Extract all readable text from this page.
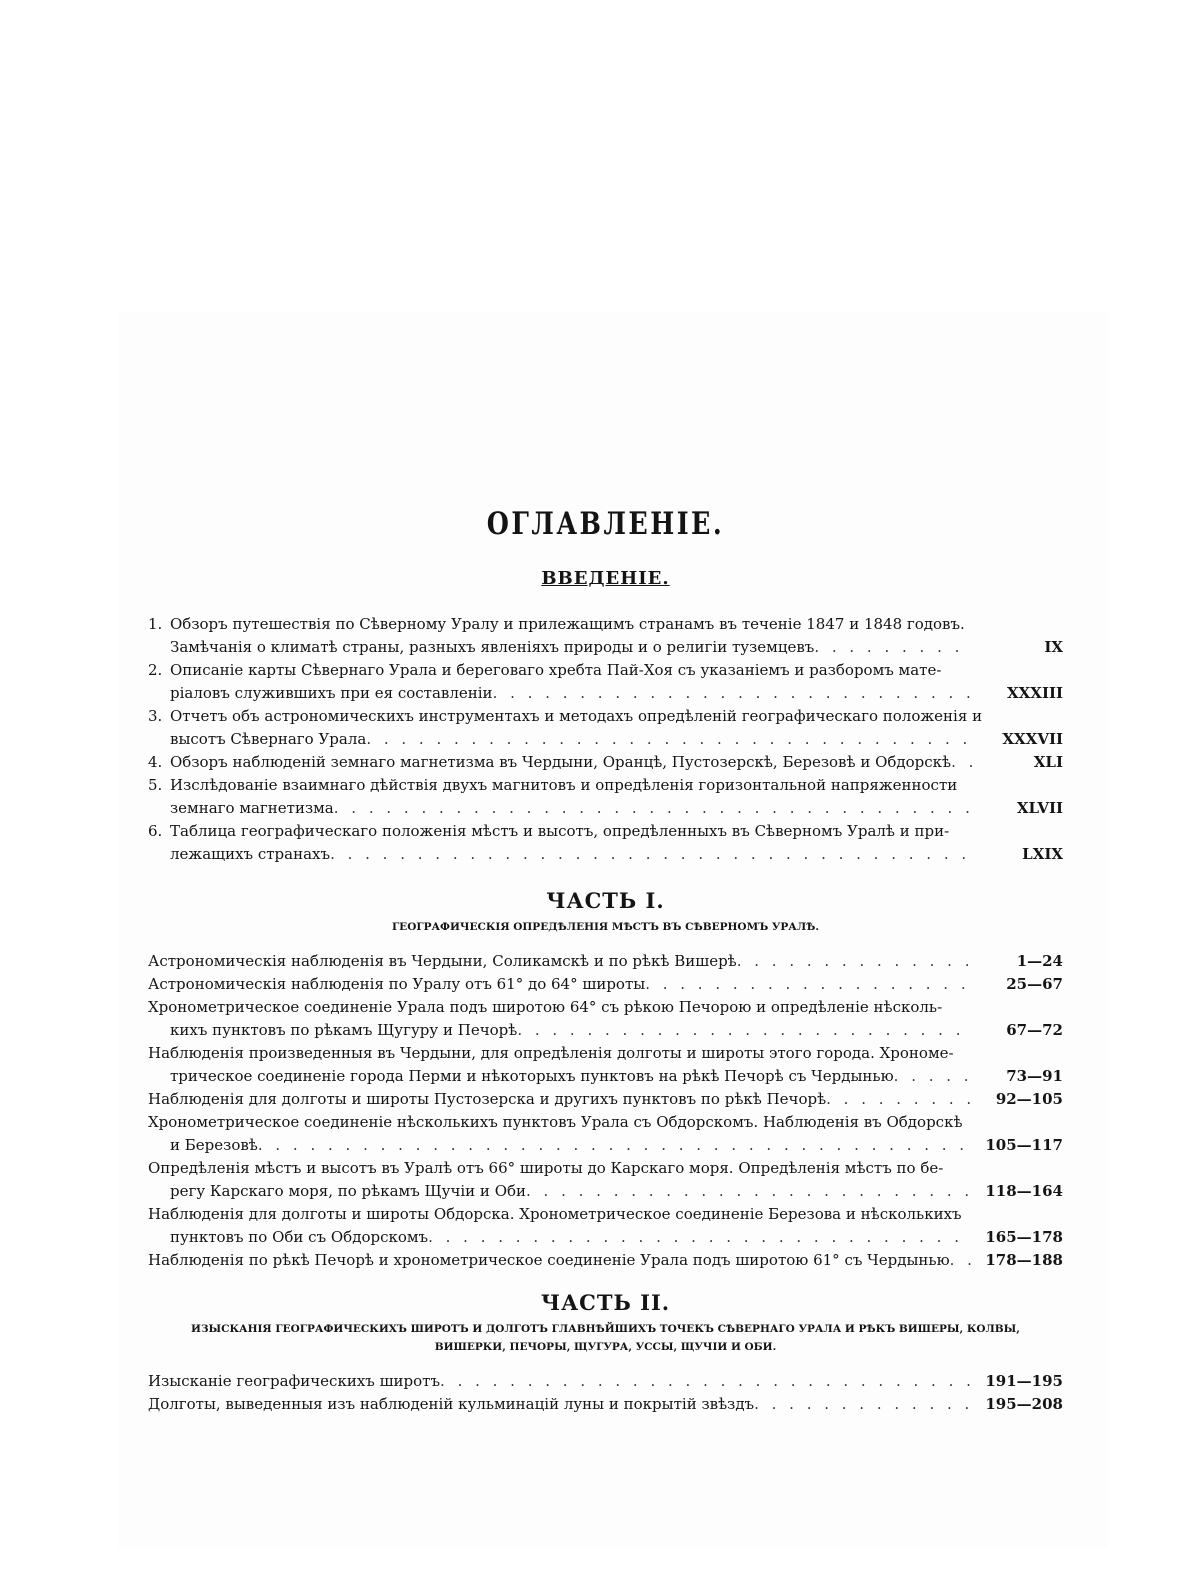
ОГЛАВЛЕНІЕ.
ВВЕДЕНІЕ.
1. Обзоръ путешествія по Сѣверному Уралу и прилежащимъ странамъ въ теченіе 1847 и 1848 годовъ.
Замѣчанія о климатѣ страны, разныхъ явленіяхъ природы и о религіи туземцевъ . . .	IX
2. Описаніе карты Сѣвернаго Урала и береговаго хребта Пай-Хоя съ указаніемъ и разборомъ мате-
ріаловъ служившихъ при ея составленіи . . .	XXXIII
3. Отчетъ объ астрономическихъ инструментахъ и методахъ опредѣленій географическаго положенія и
высотъ Сѣвернаго Урала . . .	XXXVII
4. Обзоръ наблюденій земнаго магнетизма въ Чердыни, Оранцѣ, Пустозерскѣ, Березовѣ и Обдорскѣ . . .	XLI
5. Изслѣдованіе взаимнаго дѣйствія двухъ магнитовъ и опредѣленія горизонтальной напряженности
земнаго магнетизма . . .	XLVII
6. Таблица географическаго положенія мѣстъ и высотъ, опредѣленныхъ въ Сѣверномъ Уралѣ и при-
лежащихъ странахъ . . .	LXIX
ЧАСТЬ I.
ГЕОГРАФИЧЕСКІЯ ОПРЕДѢЛЕНІЯ МѢСТЪ ВЪ СѢВЕРНОМЪ УРАЛѢ.
Астрономическія наблюденія въ Чердыни, Соликамскѣ и по рѣкѣ Вишерѣ . . .	1—24
Астрономическія наблюденія по Уралу отъ 61° до 64° широты . . .	25—67
Хронометрическое соединеніе Урала подъ широтою 64° съ рѣкою Печорою и опредѣленіе нѣсколь-
кихъ пунктовъ по рѣкамъ Щугуру и Печорѣ . . .	67—72
Наблюденія произведенныя въ Чердыни, для опредѣленія долготы и широты этого города. Хрономе-
трическое соединеніе города Перми и нѣкоторыхъ пунктовъ на рѣкѣ Печорѣ съ Чердынью . . .	73—91
Наблюденія для долготы и широты Пустозерска и другихъ пунктовъ по рѣкѣ Печорѣ . . .	92—105
Хронометрическое соединеніе нѣсколькихъ пунктовъ Урала съ Обдорскомъ. Наблюденія въ Обдорскѣ
и Березовѣ . . .	105—117
Опредѣленія мѣстъ и высотъ въ Уралѣ отъ 66° широты до Карскаго моря. Опредѣленія мѣстъ по бе-
регу Карскаго моря, по рѣкамъ Щучіи и Оби . . .	118—164
Наблюденія для долготы и широты Обдорска. Хронометрическое соединеніе Березова и нѣсколькихъ
пунктовъ по Оби съ Обдорскомъ . . .	165—178
Наблюденія по рѣкѣ Печорѣ и хронометрическое соединеніе Урала подъ широтою 61° съ Чердынью . . .	178—188
ЧАСТЬ II.
ИЗЫСКАНІЯ ГЕОГРАФИЧЕСКИХЪ ШИРОТЪ И ДОЛГОТЪ ГЛАВНѢЙШИХЪ ТОЧЕКЪ СѢВЕРНАГО УРАЛА И РѢКЪ ВИШЕРЫ, КОЛВЫ, ВИШЕРКИ, ПЕЧОРЫ, ЩУГУРА, УССЫ, ЩУЧІИ И ОБИ.
Изысканіе географическихъ широтъ . . .	191—195
Долготы, выведенныя изъ наблюденій кульминацій луны и покрытій звѣздъ . . .	195—208
